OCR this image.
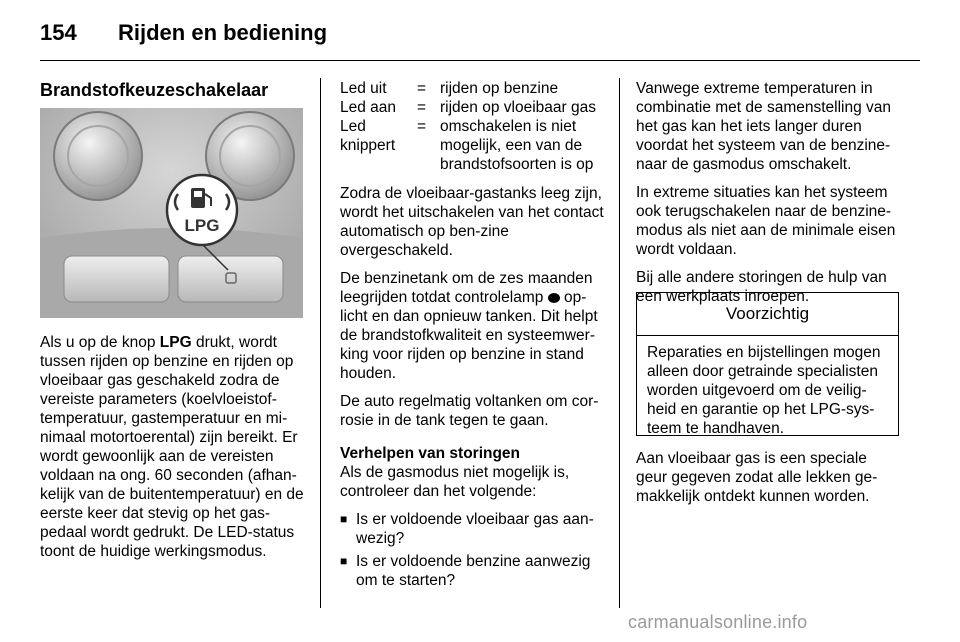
154	Rijden en bediening
Brandstofkeuzeschakelaar
LPG

Als u op de knop LPG drukt, wordt tussen rijden op benzine en rijden op vloeibaar gas geschakeld zodra de vereiste parameters (koelvloeistof-temperatuur, gastemperatuur en mi-nimaal motortoerental) zijn bereikt. Er wordt gewoonlijk aan de vereisten voldaan na ong. 60 seconden (afhan-kelijk van de buitentemperatuur) en de eerste keer dat stevig op het gas-pedaal wordt gedrukt. De LED-status toont de huidige werkingsmodus.

Led uit	=	rijden op benzine
Led aan	=	rijden op vloeibaar gas
Led knippert	=	omschakelen is niet mogelijk, een van de brandstofsoorten is op

Zodra de vloeibaar-gastanks leeg zijn, wordt het uitschakelen van het contact automatisch op ben-zine overgeschakeld.

De benzinetank om de zes maanden leegrijden totdat controlelamp  op-licht en dan opnieuw tanken. Dit helpt de brandstofkwaliteit en systeemwer-king voor rijden op benzine in stand houden.

De auto regelmatig voltanken om cor-rosie in de tank tegen te gaan.

Verhelpen van storingen

Als de gasmodus niet mogelijk is, controleer dan het volgende:

■ Is er voldoende vloeibaar gas aan-wezig?
■ Is er voldoende benzine aanwezig om te starten?

Vanwege extreme temperaturen in combinatie met de samenstelling van het gas kan het iets langer duren voordat het systeem van de benzine-naar de gasmodus omschakelt.

In extreme situaties kan het systeem ook terugschakelen naar de benzine-modus als niet aan de minimale eisen wordt voldaan.

Bij alle andere storingen de hulp van een werkplaats inroepen.

Voorzichtig
Reparaties en bijstellingen mogen alleen door getrainde specialisten worden uitgevoerd om de veilig-heid en garantie op het LPG-sys-teem te handhaven.

Aan vloeibaar gas is een speciale geur gegeven zodat alle lekken ge-makkelijk ontdekt kunnen worden.

carmanualsonline.info
